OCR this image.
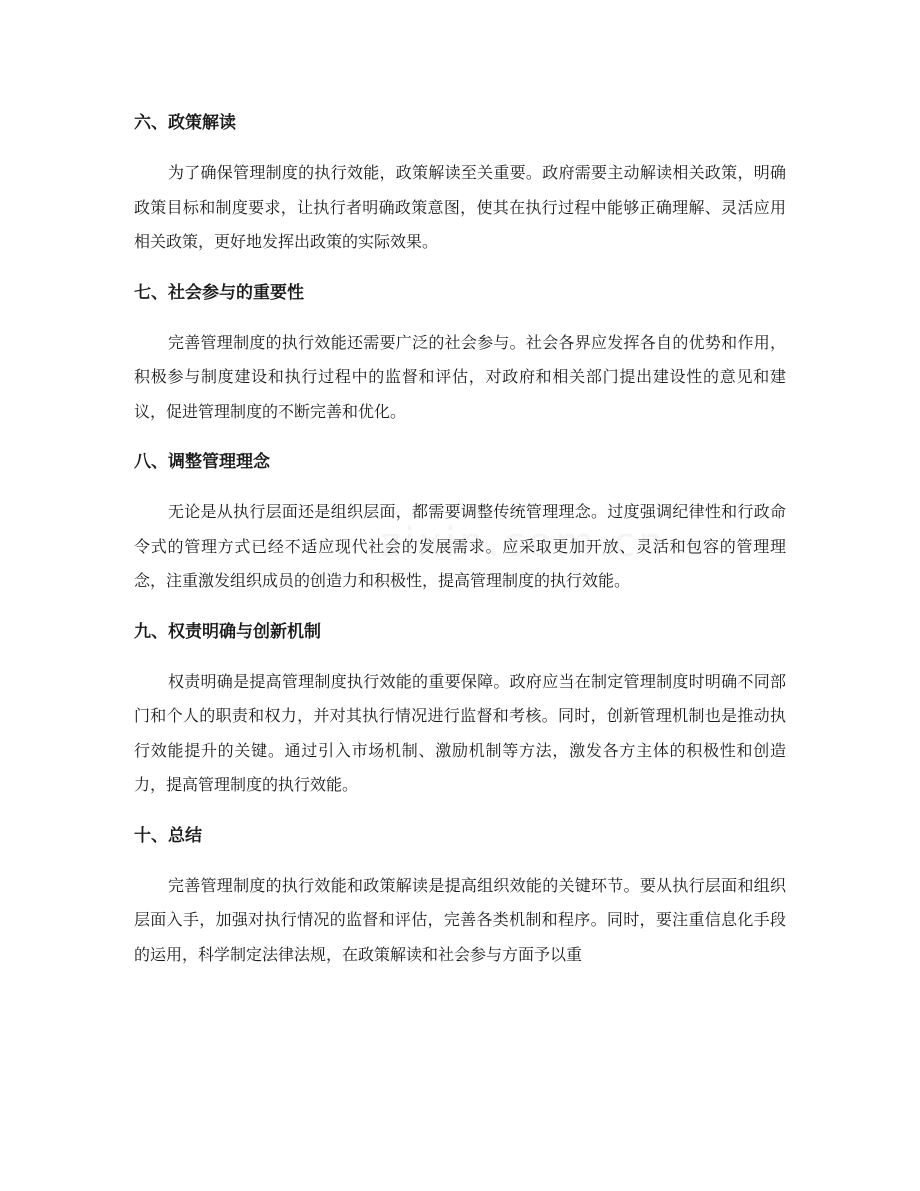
六、政策解读

为了确保管理制度的执行效能，政策解读至关重要。政府需要主动解读相关政策，明确政策目标和制度要求，让执行者明确政策意图，使其在执行过程中能够正确理解、灵活应用相关政策，更好地发挥出政策的实际效果。

七、社会参与的重要性

完善管理制度的执行效能还需要广泛的社会参与。社会各界应发挥各自的优势和作用，积极参与制度建设和执行过程中的监督和评估，对政府和相关部门提出建设性的意见和建议，促进管理制度的不断完善和优化。

八、调整管理理念

无论是从执行层面还是组织层面，都需要调整传统管理理念。过度强调纪律性和行政命令式的管理方式已经不适应现代社会的发展需求。应采取更加开放、灵活和包容的管理理念，注重激发组织成员的创造力和积极性，提高管理制度的执行效能。

九、权责明确与创新机制

权责明确是提高管理制度执行效能的重要保障。政府应当在制定管理制度时明确不同部门和个人的职责和权力，并对其执行情况进行监督和考核。同时，创新管理机制也是推动执行效能提升的关键。通过引入市场机制、激励机制等方法，激发各方主体的积极性和创造力，提高管理制度的执行效能。

十、总结

完善管理制度的执行效能和政策解读是提高组织效能的关键环节。要从执行层面和组织层面入手，加强对执行情况的监督和评估，完善各类机制和程序。同时，要注重信息化手段的运用，科学制定法律法规，在政策解读和社会参与方面予以重
